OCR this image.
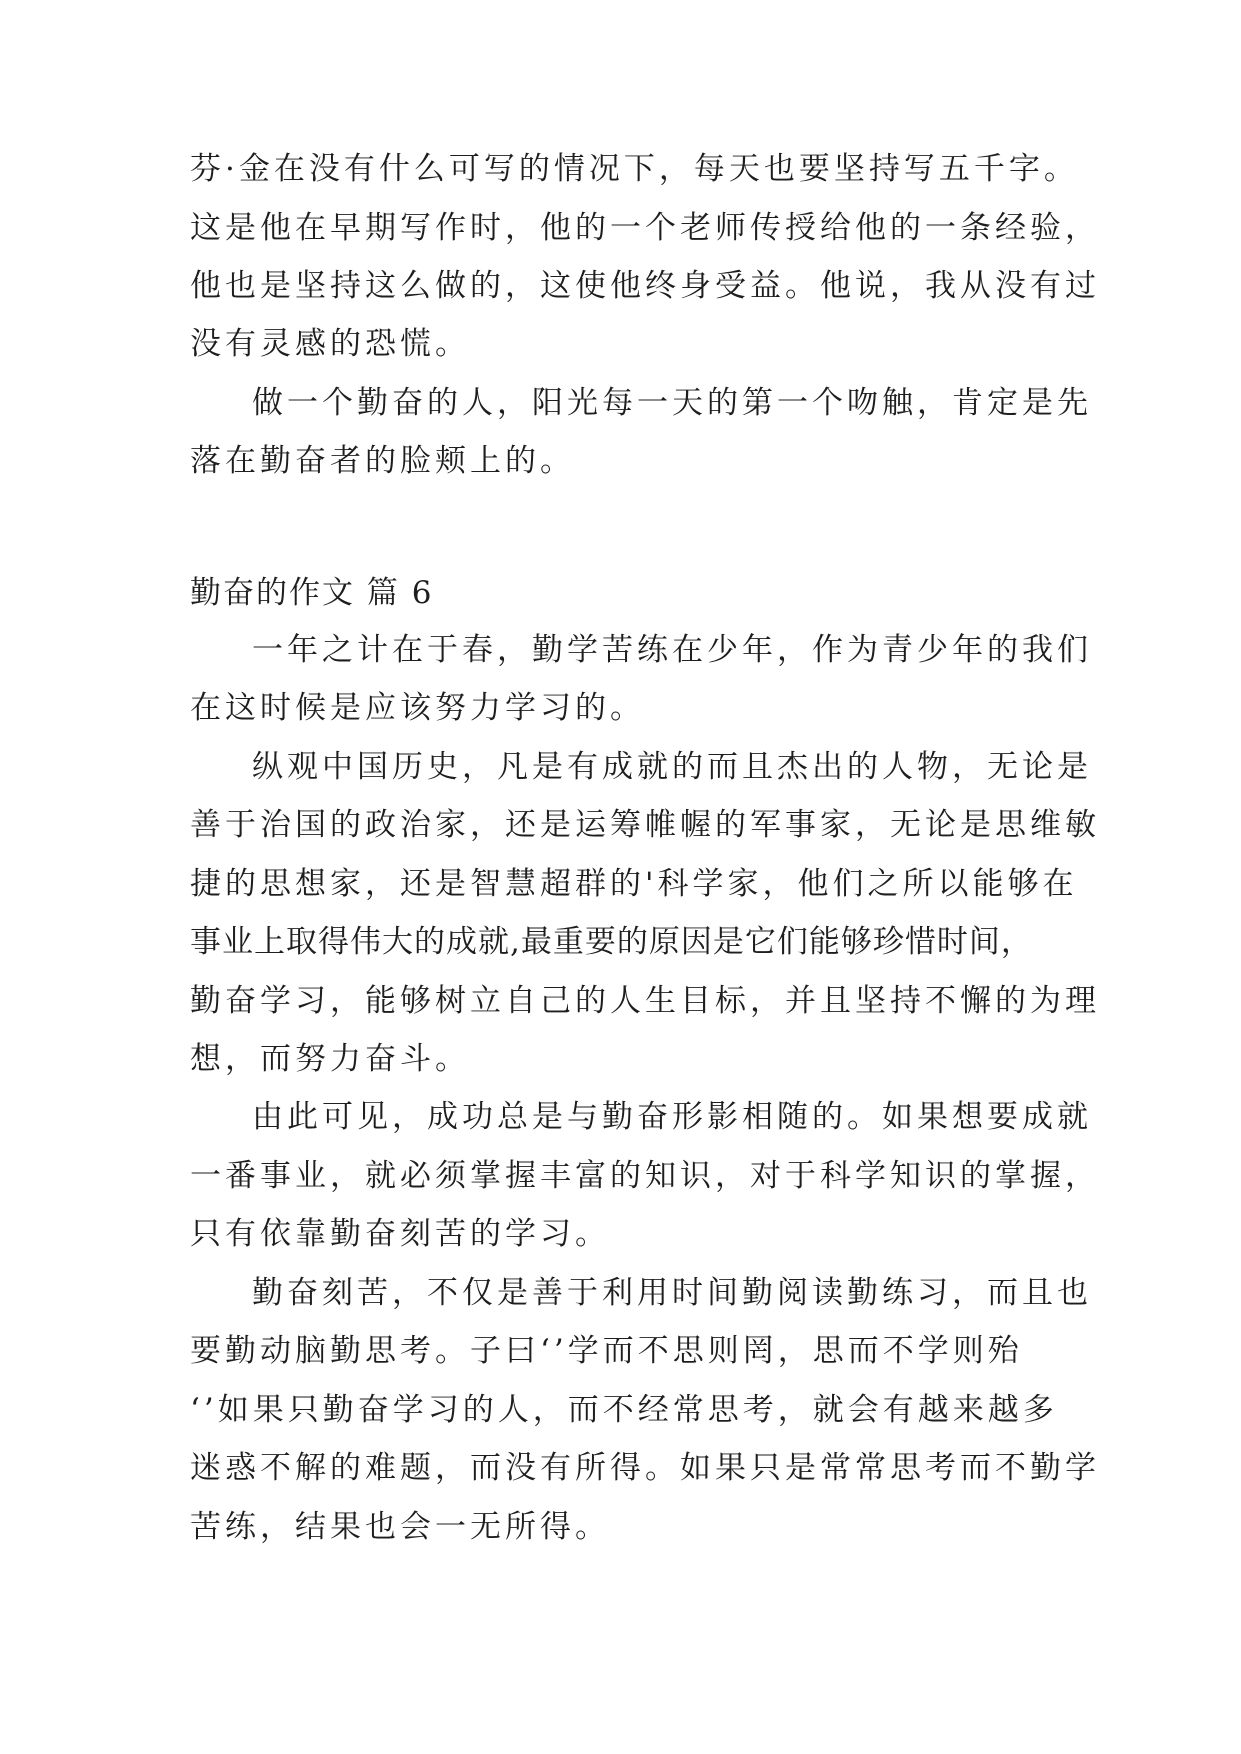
芬·金在没有什么可写的情况下，每天也要坚持写五千字。
这是他在早期写作时，他的一个老师传授给他的一条经验，
他也是坚持这么做的，这使他终身受益。他说，我从没有过
没有灵感的恐慌。
做一个勤奋的人，阳光每一天的第一个吻触，肯定是先
落在勤奋者的脸颊上的。
勤奋的作文 篇 6
一年之计在于春，勤学苦练在少年，作为青少年的我们
在这时候是应该努力学习的。
纵观中国历史，凡是有成就的而且杰出的人物，无论是
善于治国的政治家，还是运筹帷幄的军事家，无论是思维敏
捷的思想家，还是智慧超群的'科学家，他们之所以能够在
事业上取得伟大的成就,最重要的原因是它们能够珍惜时间，
勤奋学习，能够树立自己的人生目标，并且坚持不懈的为理
想，而努力奋斗。
由此可见，成功总是与勤奋形影相随的。如果想要成就
一番事业，就必须掌握丰富的知识，对于科学知识的掌握，
只有依靠勤奋刻苦的学习。
勤奋刻苦，不仅是善于利用时间勤阅读勤练习，而且也
要勤动脑勤思考。子曰‘’学而不思则罔，思而不学则殆
‘’如果只勤奋学习的人，而不经常思考，就会有越来越多
迷惑不解的难题，而没有所得。如果只是常常思考而不勤学
苦练，结果也会一无所得。
